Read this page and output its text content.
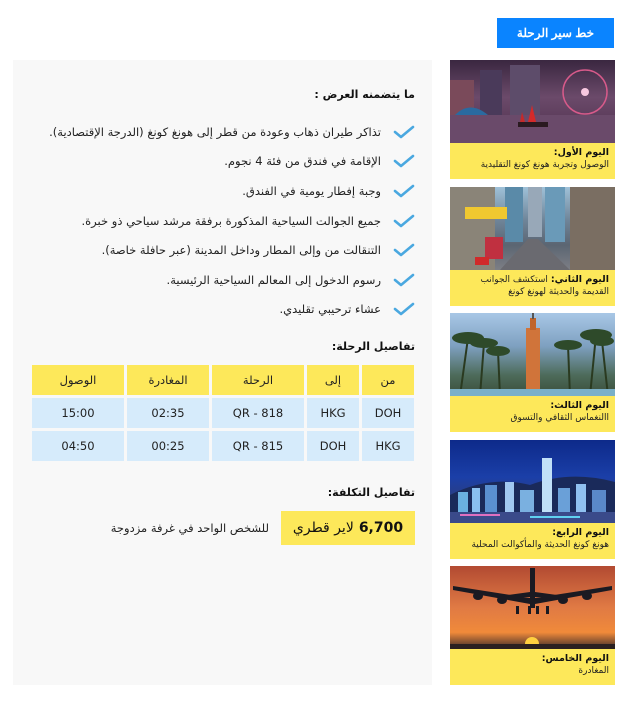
خط سير الرحلة
ما يتضمنه العرض :
تذاكر طيران ذهاب وعودة من قطر إلى هونغ كونغ (الدرجة الإقتصادية).
الإقامة في فندق من فئة 4 نجوم.
وجبة إفطار يومية في الفندق.
جميع الجوالت السياحية المذكورة برفقة مرشد سياحي ذو خبرة.
التنقالت من وإلى المطار وداخل المدينة (عبر حافلة خاصة).
رسوم الدخول إلى المعالم السياحية الرئيسية.
عشاء ترحيبي تقليدي.
تفاصيل الرحلة:
من	إلى	الرحلة	المغادرة	الوصول
DOH	HKG	QR - 818	02:35	15:00
HKG	DOH	QR - 815	00:25	04:50
تفاصيل التكلفة:
6,700
لاير قطري
للشخص الواحد في غرفة مزدوجة
اليوم الأول:
الوصول وتجربة هونغ كونغ التقليدية
اليوم الثاني: استكشف الجوانب القديمة والحديثة لهونغ كونغ
اليوم الثالث:
االنغماس الثقافي والتسوق
اليوم الرابع:
هونغ كونغ الحديثة والمأكوالت المحلية
اليوم الخامس:
المغادرة
